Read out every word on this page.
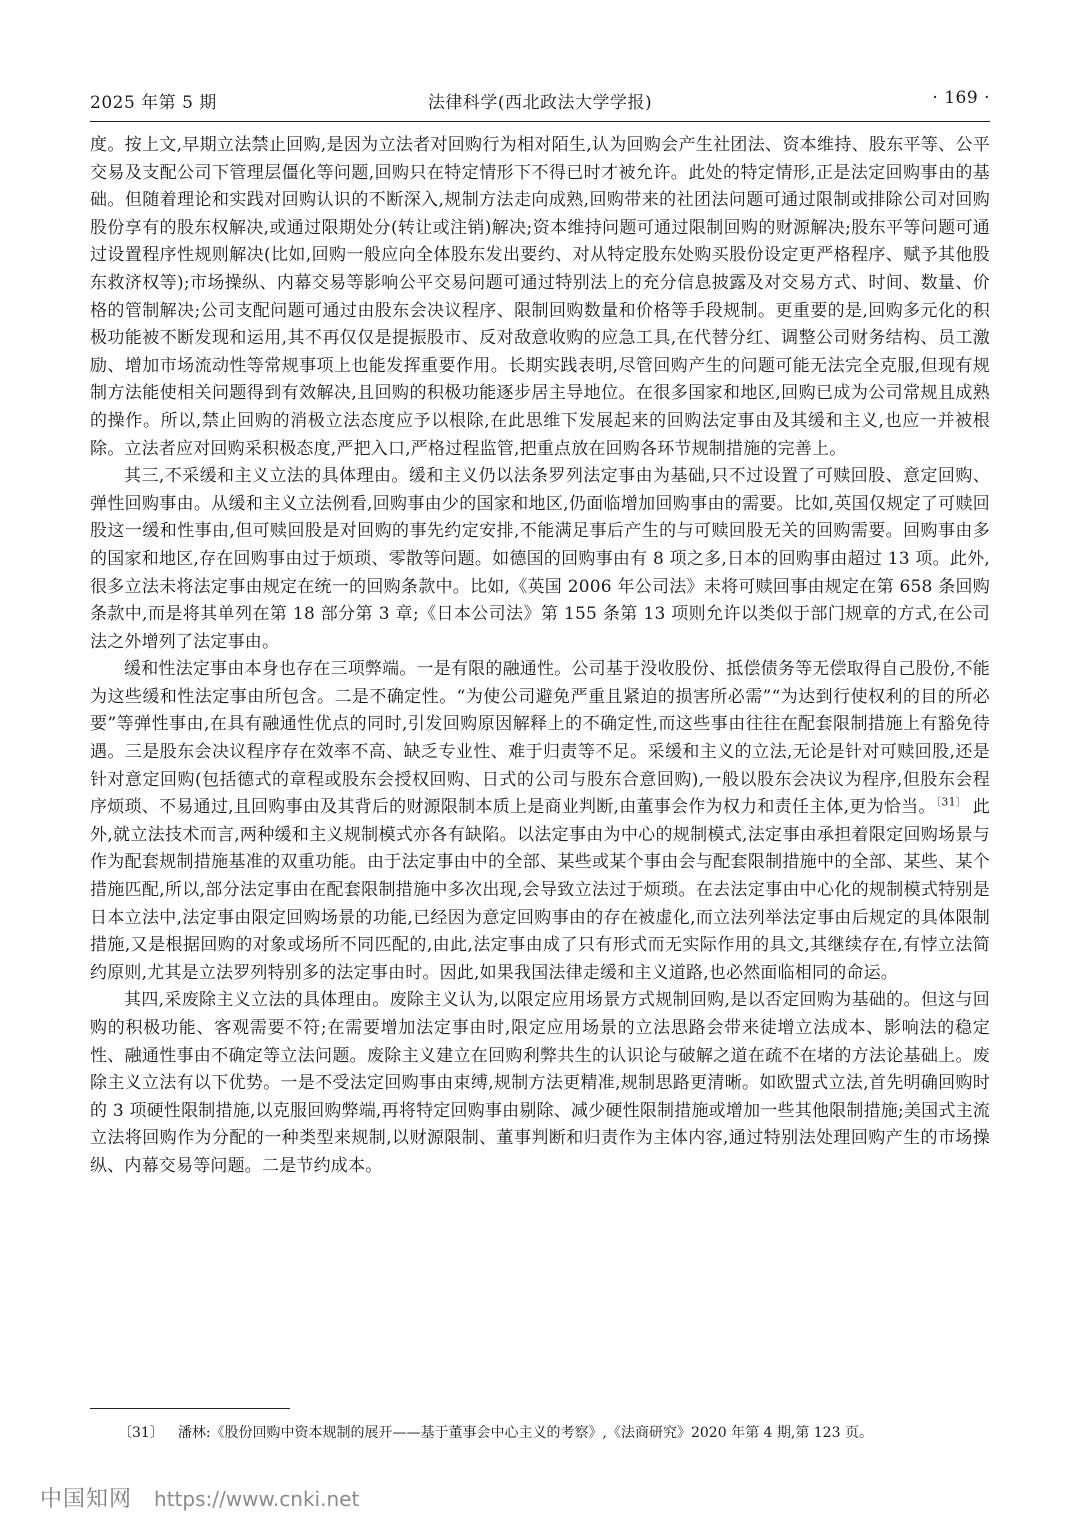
2025 年第 5 期	法律科学(西北政法大学学报)	· 169 ·

度。按上文,早期立法禁止回购,是因为立法者对回购行为相对陌生,认为回购会产生社团法、资本维持、股东平等、公平交易及支配公司下管理层僵化等问题,回购只在特定情形下不得已时才被允许。此处的特定情形,正是法定回购事由的基础。但随着理论和实践对回购认识的不断深入,规制方法走向成熟,回购带来的社团法问题可通过限制或排除公司对回购股份享有的股东权解决,或通过限期处分(转让或注销)解决;资本维持问题可通过限制回购的财源解决;股东平等问题可通过设置程序性规则解决(比如,回购一般应向全体股东发出要约、对从特定股东处购买股份设定更严格程序、赋予其他股东救济权等);市场操纵、内幕交易等影响公平交易问题可通过特别法上的充分信息披露及对交易方式、时间、数量、价格的管制解决;公司支配问题可通过由股东会决议程序、限制回购数量和价格等手段规制。更重要的是,回购多元化的积极功能被不断发现和运用,其不再仅仅是提振股市、反对敌意收购的应急工具,在代替分红、调整公司财务结构、员工激励、增加市场流动性等常规事项上也能发挥重要作用。长期实践表明,尽管回购产生的问题可能无法完全克服,但现有规制方法能使相关问题得到有效解决,且回购的积极功能逐步居主导地位。在很多国家和地区,回购已成为公司常规且成熟的操作。所以,禁止回购的消极立法态度应予以根除,在此思维下发展起来的回购法定事由及其缓和主义,也应一并被根除。立法者应对回购采积极态度,严把入口,严格过程监管,把重点放在回购各环节规制措施的完善上。

其三,不采缓和主义立法的具体理由。缓和主义仍以法条罗列法定事由为基础,只不过设置了可赎回股、意定回购、弹性回购事由。从缓和主义立法例看,回购事由少的国家和地区,仍面临增加回购事由的需要。比如,英国仅规定了可赎回股这一缓和性事由,但可赎回股是对回购的事先约定安排,不能满足事后产生的与可赎回股无关的回购需要。回购事由多的国家和地区,存在回购事由过于烦琐、零散等问题。如德国的回购事由有 8 项之多,日本的回购事由超过 13 项。此外,很多立法未将法定事由规定在统一的回购条款中。比如,《英国 2006 年公司法》未将可赎回事由规定在第 658 条回购条款中,而是将其单列在第 18 部分第 3 章;《日本公司法》第 155 条第 13 项则允许以类似于部门规章的方式,在公司法之外增列了法定事由。

缓和性法定事由本身也存在三项弊端。一是有限的融通性。公司基于没收股份、抵偿债务等无偿取得自己股份,不能为这些缓和性法定事由所包含。二是不确定性。“为使公司避免严重且紧迫的损害所必需”“为达到行使权利的目的所必要”等弹性事由,在具有融通性优点的同时,引发回购原因解释上的不确定性,而这些事由往往在配套限制措施上有豁免待遇。三是股东会决议程序存在效率不高、缺乏专业性、难于归责等不足。采缓和主义的立法,无论是针对可赎回股,还是针对意定回购(包括德式的章程或股东会授权回购、日式的公司与股东合意回购),一般以股东会决议为程序,但股东会程序烦琐、不易通过,且回购事由及其背后的财源限制本质上是商业判断,由董事会作为权力和责任主体,更为恰当。$^{〔31〕}$ 此外,就立法技术而言,两种缓和主义规制模式亦各有缺陷。以法定事由为中心的规制模式,法定事由承担着限定回购场景与作为配套规制措施基准的双重功能。由于法定事由中的全部、某些或某个事由会与配套限制措施中的全部、某些、某个措施匹配,所以,部分法定事由在配套限制措施中多次出现,会导致立法过于烦琐。在去法定事由中心化的规制模式特别是日本立法中,法定事由限定回购场景的功能,已经因为意定回购事由的存在被虚化,而立法列举法定事由后规定的具体限制措施,又是根据回购的对象或场所不同匹配的,由此,法定事由成了只有形式而无实际作用的具文,其继续存在,有悖立法简约原则,尤其是立法罗列特别多的法定事由时。因此,如果我国法律走缓和主义道路,也必然面临相同的命运。

其四,采废除主义立法的具体理由。废除主义认为,以限定应用场景方式规制回购,是以否定回购为基础的。但这与回购的积极功能、客观需要不符;在需要增加法定事由时,限定应用场景的立法思路会带来徒增立法成本、影响法的稳定性、融通性事由不确定等立法问题。废除主义建立在回购利弊共生的认识论与破解之道在疏不在堵的方法论基础上。废除主义立法有以下优势。一是不受法定回购事由束缚,规制方法更精准,规制思路更清晰。如欧盟式立法,首先明确回购时的 3 项硬性限制措施,以克服回购弊端,再将特定回购事由剔除、减少硬性限制措施或增加一些其他限制措施;美国式主流立法将回购作为分配的一种类型来规制,以财源限制、董事判断和归责作为主体内容,通过特别法处理回购产生的市场操纵、内幕交易等问题。二是节约成本。

〔31〕 潘林:《股份回购中资本规制的展开——基于董事会中心主义的考察》,《法商研究》2020 年第 4 期,第 123 页。
中国知网 https://www.cnki.net
